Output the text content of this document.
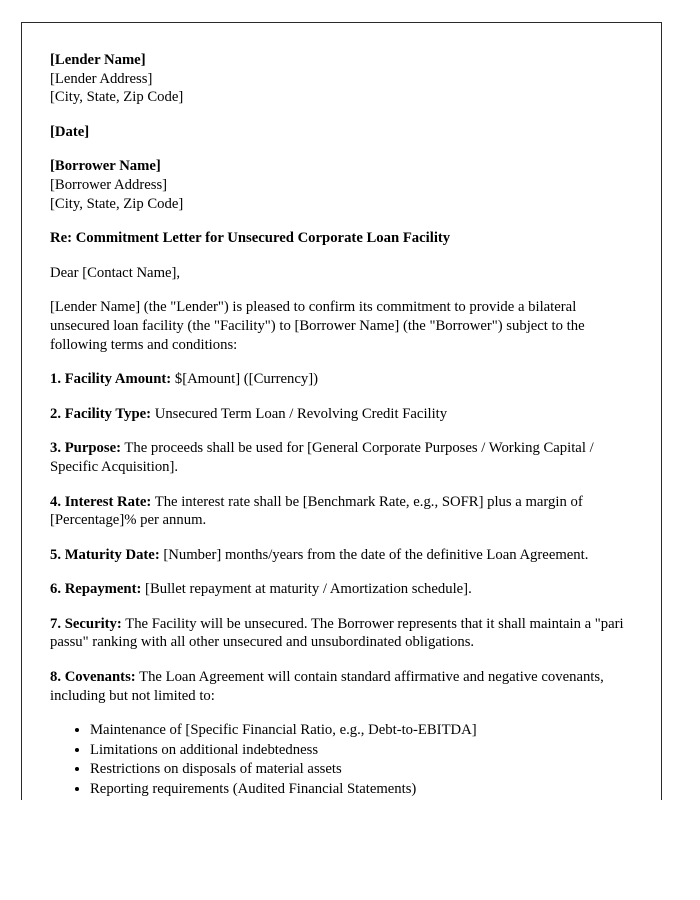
[Lender Name]
[Lender Address]
[City, State, Zip Code]
[Date]
[Borrower Name]
[Borrower Address]
[City, State, Zip Code]
Re: Commitment Letter for Unsecured Corporate Loan Facility
Dear [Contact Name],
[Lender Name] (the "Lender") is pleased to confirm its commitment to provide a bilateral unsecured loan facility (the "Facility") to [Borrower Name] (the "Borrower") subject to the following terms and conditions:
1. Facility Amount: $[Amount] ([Currency])
2. Facility Type: Unsecured Term Loan / Revolving Credit Facility
3. Purpose: The proceeds shall be used for [General Corporate Purposes / Working Capital / Specific Acquisition].
4. Interest Rate: The interest rate shall be [Benchmark Rate, e.g., SOFR] plus a margin of [Percentage]% per annum.
5. Maturity Date: [Number] months/years from the date of the definitive Loan Agreement.
6. Repayment: [Bullet repayment at maturity / Amortization schedule].
7. Security: The Facility will be unsecured. The Borrower represents that it shall maintain a "pari passu" ranking with all other unsecured and unsubordinated obligations.
8. Covenants: The Loan Agreement will contain standard affirmative and negative covenants, including but not limited to:
• Maintenance of [Specific Financial Ratio, e.g., Debt-to-EBITDA]
• Limitations on additional indebtedness
• Restrictions on disposals of material assets
• Reporting requirements (Audited Financial Statements)
